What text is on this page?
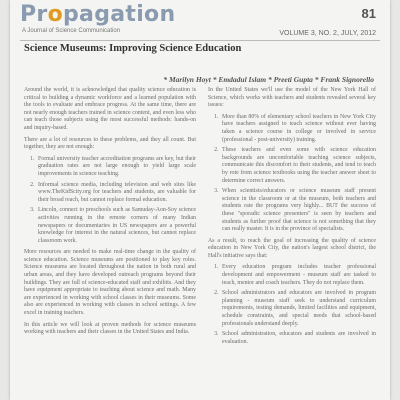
Propagation
A Journal of Science Communication
81
VOLUME 3, NO. 2, JULY, 2012
Science Museums: Improving Science Education
* Marilyn Hoyt * Emdadul Islam * Preeti Gupta * Frank Signorello

Around the world, it is acknowledged that quality science education is critical to building a dynamic workforce and a learned population with the tools to evaluate and embrace progress. At the same time, there are not nearly enough teachers trained in science content, and even less who can teach those subjects using the most successful methods: hands-on and inquiry-based.

There are a lot of resources to these problems, and they all count. But together, they are not enough:

1. Formal university teacher accreditation programs are key, but their graduation rates are not large enough to yield large scale improvements in science teaching.
2. Informal science media, including television and web sites like www.TheKidScity.org for teachers and students, are valuable for their broad reach, but cannot replace formal education.
3. Lincoln, connect to preschools such as Samuday-Aon-Soy science activities running in the remote corners of many Indian newspapers or documentaries in US newspapers are a powerful knowledge for interest in the natural sciences, but cannot replace classroom work.

More resources are needed to make real-time change in the quality of science education. Science museums are positioned to play key roles. Science museums are located throughout the nation in both rural and urban areas, and they have developed outreach programs beyond their buildings. They are full of science-educated staff and exhibits. And they have equipment appropriate to teaching about science and math. Many are experienced in working with school classes in their museums. Some also are experienced in working with classes in school settings. A few excel in training teachers.

In this article we will look at proven methods for science museums working with teachers and their classes in the United States and India.

In the United States we'll use the model of the New York Hall of Science, which works with teachers and students revealed several key issues:

1. More than 80% of elementary school teachers in New York City have teachers assigned to teach science without ever having taken a science course in college or involved in service (professional - post-university) training.
2. These teachers and even some with science education backgrounds are uncomfortable teaching science subjects, communicate this discomfort to their students, and tend to teach by rote from science textbooks using the teacher answer sheet to determine correct answers.
3. When scientists/educators or science museum staff present science in the classroom or at the museum, both teachers and students rate the programs very highly... BUT the success of these "sporadic science presenters" is seen by teachers and students as further proof that science is not something that they can really master. It is in the province of specialists.

As a result, to reach the goal of increasing the quality of science education in New York City, the nation's largest school district, the Hall's initiative says that:

1. Every education program includes teacher professional development and empowerment - museum staff are tasked to teach, mentor and coach teachers. They do not replace them.
2. School administrators and educators are involved in program planning - museum staff seek to understand curriculum requirements, testing demands, limited facilities and equipment, schedule constraints, and special needs that school-based professionals understand deeply.
3. School administration, educators and students are involved in evaluation.
